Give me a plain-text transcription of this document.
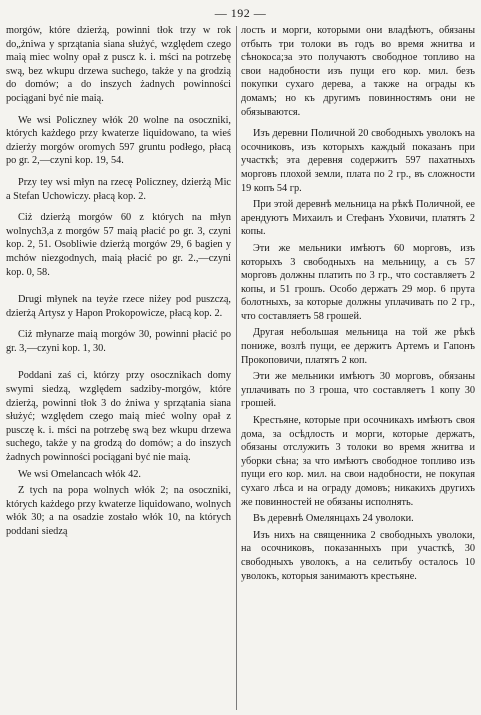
— 192 —

morgów, które dzierżą, powinni tłok trzy w rok do„żniwa y sprzątania siana służyć, względem czego maią miec wolny opał z puscz k. i. mści na potrzebę swą, bez wkupu drzewa suchego, także y na grodzią do domów; a do inszych żadnych powinności pociągani być nie maią.

We wsi Policzney włók 20 wolne na osoczniki, których każdego przy kwaterze liquidowano, ta wieś dzierży morgów oromych 597 gruntu podłego, płacą po gr. 2,—czyni kop. 19, 54.

Przy tey wsi młyn na rzecę Policzney, dzierżą Mic a Stefan Uchowiczy. płacą kop. 2.

Ciż dzierżą morgów 60 z których na młyn wolnych3,a z morgów 57 maią płacić po gr. 3, czyni kop. 2, 51. Osobliwie dzierżą morgów 29, 6 bagien y mchów niezgodnych, maią płacić po gr. 2.,—czyni kop. 0, 58.

Drugi młynek na teyże rzece niżey pod puszczą, dzierżą Artysz y Hapon Prokopowicze, płacą kop. 2.

Ciż młynarze maią morgów 30, powinni płacić po gr. 3,—czyni kop. 1, 30.

Poddani zaś ci, którzy przy osocznikach domy swymi siedzą, względem sadziby-morgów, które dzierżą, powinni tłok 3 do żniwa y sprzątania siana służyć; względem czego maią mieć wolny opał z pusczę k. i. mści na potrzebę swą bez wkupu drzewa suchego, także y na grodzą do domów; a do inszych żadnych powinności pociągani być nie maią.

We wsi Omelancach włók 42.

Z tych na popa wolnych włók 2; na osoczniki, których każdego przy kwaterze liquidowano, wolnych włók 30; a na osadzie zostało włók 10, na których poddani siedzą

лость и морги, которыми они владѣютъ, обязаны отбыть три толоки въ годъ во время жнитва и сѣнокоса;за это получаютъ свободное топливо на свои надобности изъ пущи его кор. мил. безъ покупки сухаго дерева, а также на ограды къ домамъ; но къ другимъ повинностямъ они не обязываются.

Изъ деревни Поличной 20 свободныхъ уволокъ на осочниковъ, изъ которыхъ каждый показанъ при участкѣ; эта деревня содержитъ 597 пахатныхъ морговъ плохой земли, плата по 2 гр., въ сложности 19 копъ 54 гр.

При этой деревнѣ мельница на рѣкѣ Поличной, ее арендуютъ Михаилъ и Стефанъ Уховичи, платятъ 2 копы.

Эти же мельники имѣютъ 60 морговъ, изъ которыхъ 3 свободныхъ на мельницу, а съ 57 морговъ должны платить по 3 гр., что составляетъ 2 копы, и 51 грошъ. Особо держатъ 29 мор. 6 прута болотныхъ, за которые должны уплачивать по 2 гр., что составляетъ 58 грошей.

Другая небольшая мельница на той же рѣкѣ пониже, возлѣ пущи, ее держитъ Артемъ и Гапонъ Прокоповичи, платятъ 2 коп.

Эти же мельники имѣютъ 30 морговъ, обязаны уплачивать по 3 гроша, что составляетъ 1 копу 30 грошей.

Крестьяне, которые при осочникахъ имѣютъ своя дома, за осѣдлость и морги, которые держатъ, обязаны отслужить 3 толоки во время жнитва и уборки сѣна; за что имѣютъ свободное топливо изъ пущи его кор. мил. на свои надобности, не покупая сухаго лѣса и на ограду домовъ; никакихъ другихъ же повинностей не обязаны исполнять.

Въ деревнѣ Омелянцахъ 24 уволоки.

Изъ нихъ на священника 2 свободныхъ уволоки, на осочниковъ, показанныхъ при участкѣ, 30 свободныхъ уволокъ, а на селитьбу осталось 10 уволокъ, которыя занимаютъ крестьяне.
